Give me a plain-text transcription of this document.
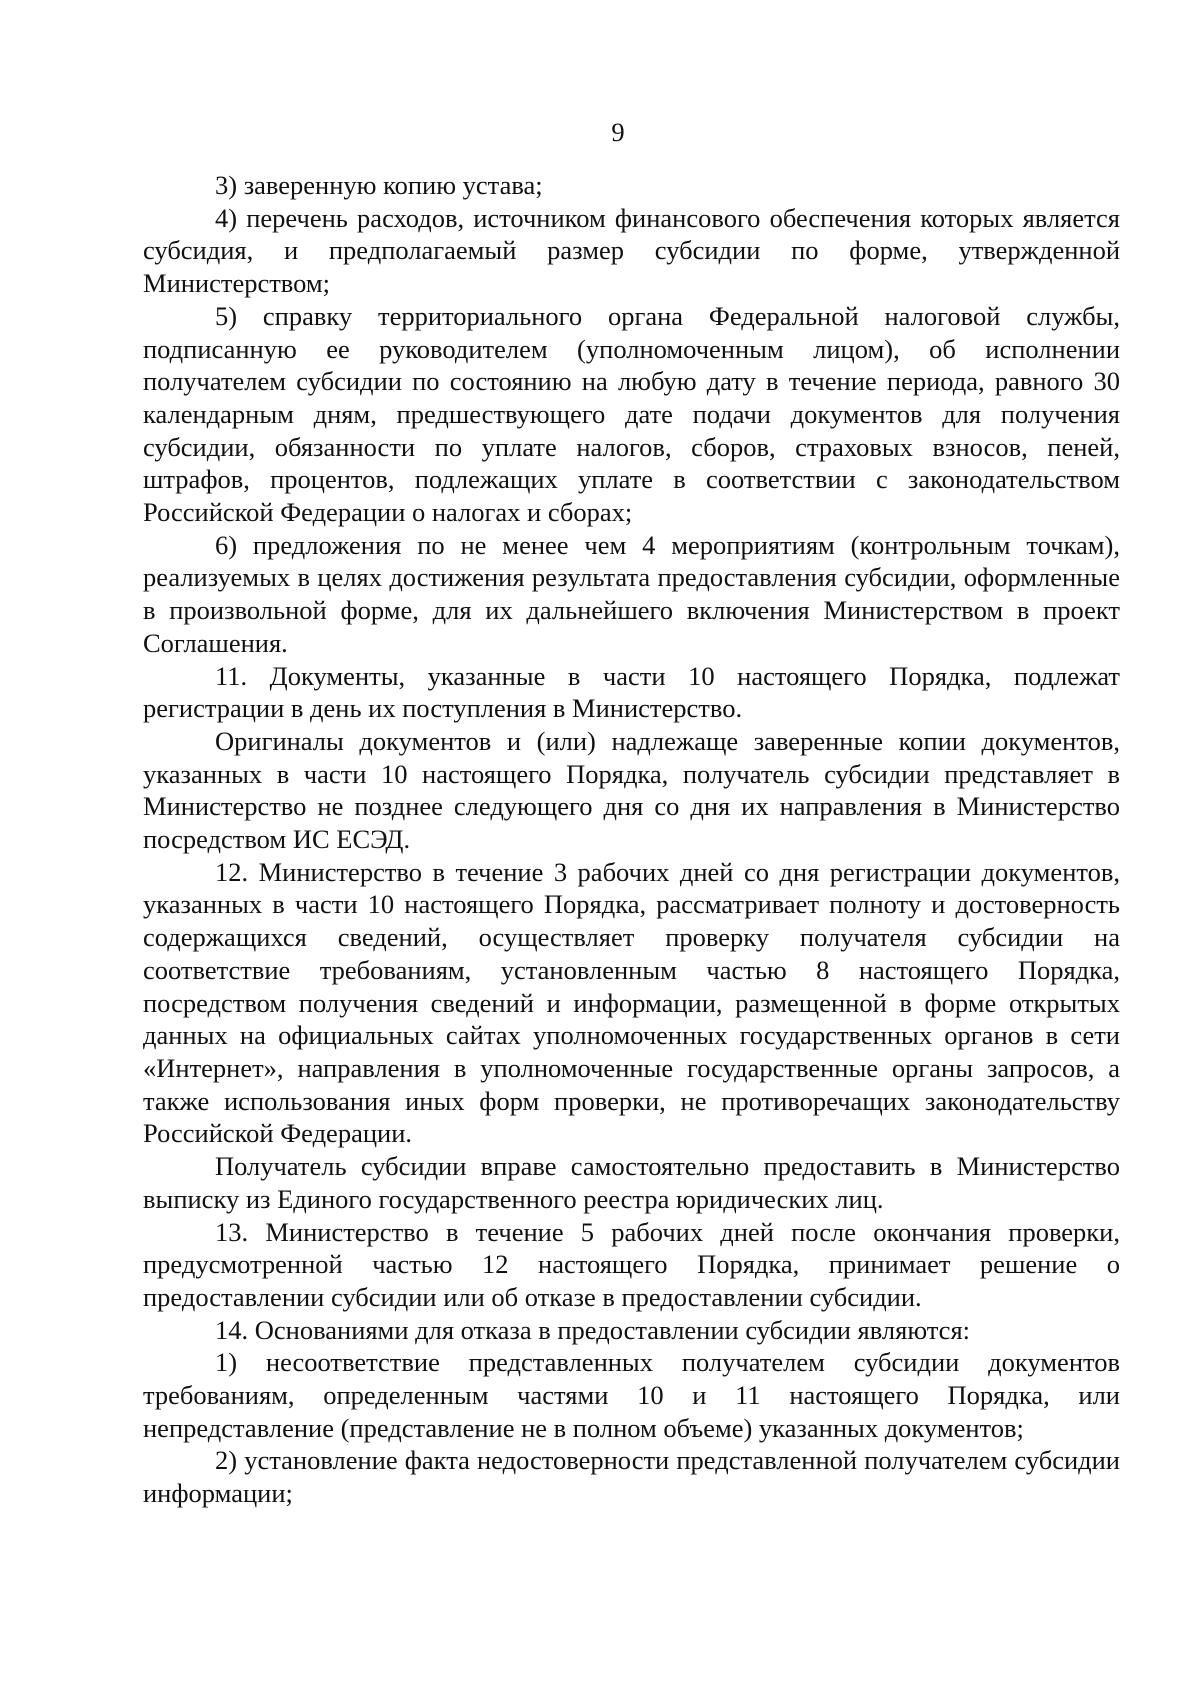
9

3) заверенную копию устава;

4) перечень расходов, источником финансового обеспечения которых является субсидия, и предполагаемый размер субсидии по форме, утвержденной Министерством;

5) справку территориального органа Федеральной налоговой службы, подписанную ее руководителем (уполномоченным лицом), об исполнении получателем субсидии по состоянию на любую дату в течение периода, равного 30 календарным дням, предшествующего дате подачи документов для получения субсидии, обязанности по уплате налогов, сборов, страховых взносов, пеней, штрафов, процентов, подлежащих уплате в соответствии с законодательством Российской Федерации о налогах и сборах;

6) предложения по не менее чем 4 мероприятиям (контрольным точкам), реализуемых в целях достижения результата предоставления субсидии, оформленные в произвольной форме, для их дальнейшего включения Министерством в проект Соглашения.

11. Документы, указанные в части 10 настоящего Порядка, подлежат регистрации в день их поступления в Министерство.

Оригиналы документов и (или) надлежаще заверенные копии документов, указанных в части 10 настоящего Порядка, получатель субсидии представляет в Министерство не позднее следующего дня со дня их направления в Министерство посредством ИС ЕСЭД.

12. Министерство в течение 3 рабочих дней со дня регистрации документов, указанных в части 10 настоящего Порядка, рассматривает полноту и достоверность содержащихся сведений, осуществляет проверку получателя субсидии на соответствие требованиям, установленным частью 8 настоящего Порядка, посредством получения сведений и информации, размещенной в форме открытых данных на официальных сайтах уполномоченных государственных органов в сети «Интернет», направления в уполномоченные государственные органы запросов, а также использования иных форм проверки, не противоречащих законодательству Российской Федерации.

Получатель субсидии вправе самостоятельно предоставить в Министерство выписку из Единого государственного реестра юридических лиц.

13. Министерство в течение 5 рабочих дней после окончания проверки, предусмотренной частью 12 настоящего Порядка, принимает решение о предоставлении субсидии или об отказе в предоставлении субсидии.

14. Основаниями для отказа в предоставлении субсидии являются:

1) несоответствие представленных получателем субсидии документов требованиям, определенным частями 10 и 11 настоящего Порядка, или непредставление (представление не в полном объеме) указанных документов;

2) установление факта недостоверности представленной получателем субсидии информации;
